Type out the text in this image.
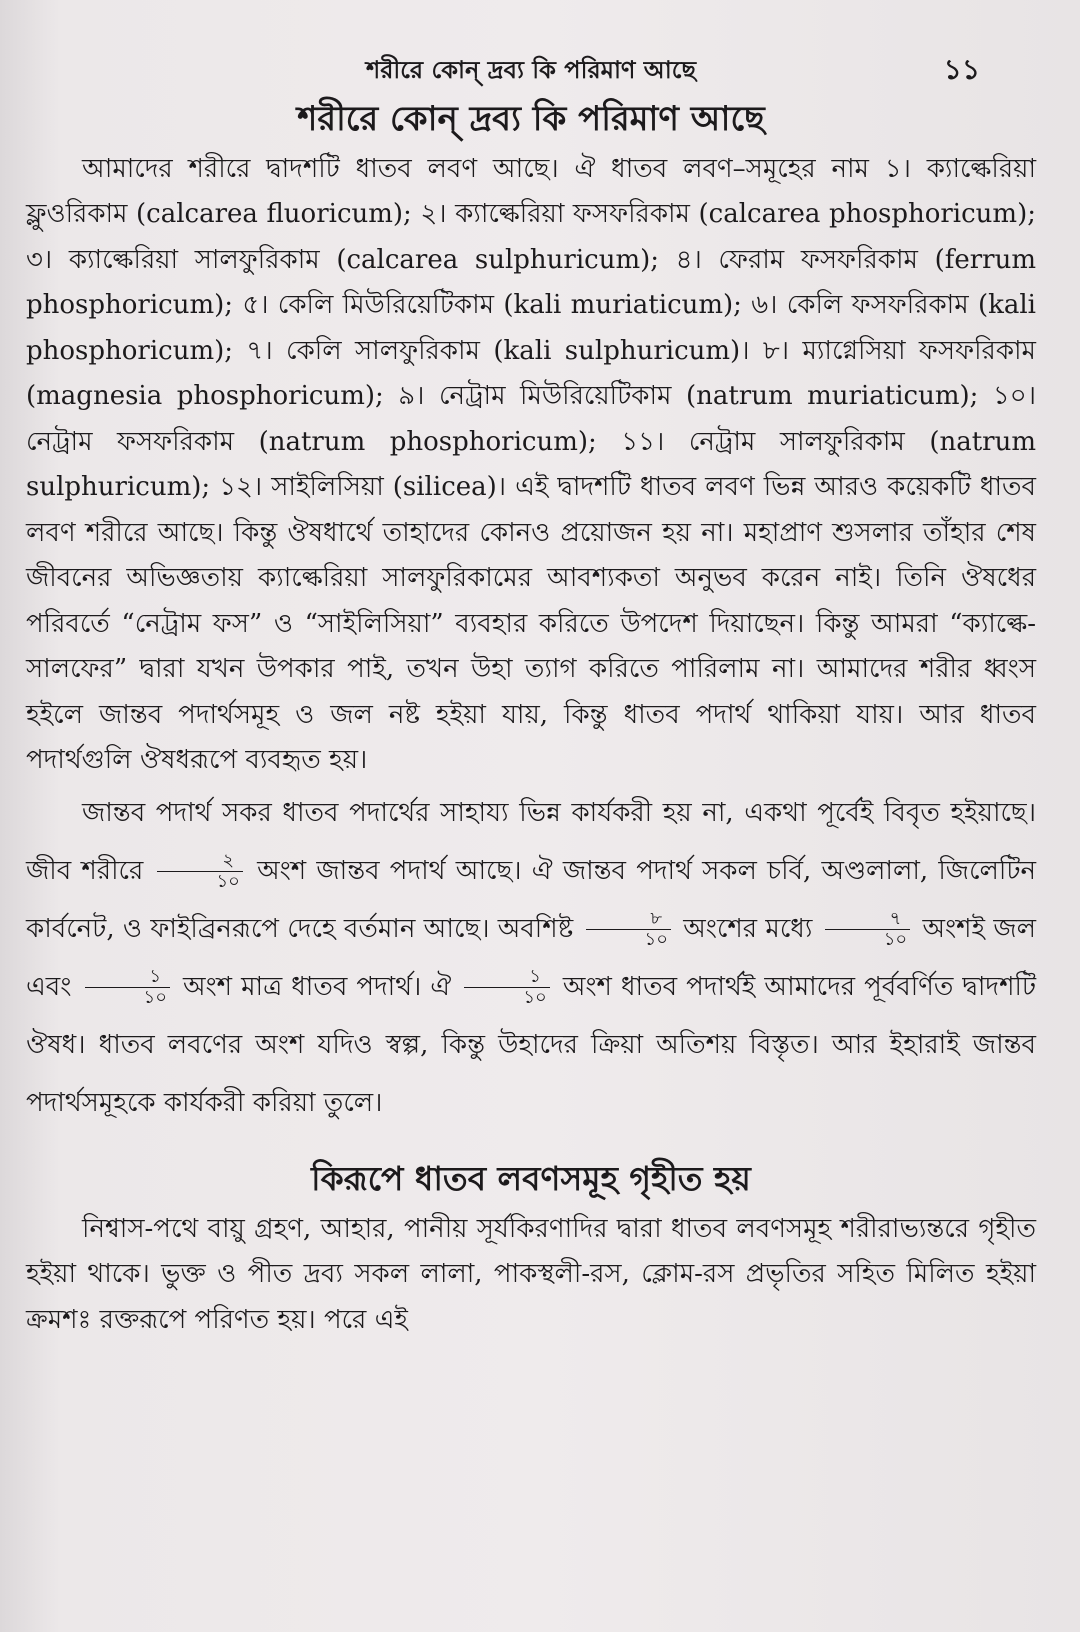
শরীরে কোন্ দ্রব্য কি পরিমাণ আছে	১১
শরীরে কোন্ দ্রব্য কি পরিমাণ আছে

আমাদের শরীরে দ্বাদশটি ধাতব লবণ আছে। ঐ ধাতব লবণ–সমূহের নাম ১। ক্যাল্কেরিয়া ফ্লুওরিকাম (calcarea fluoricum); ২। ক্যাল্কেরিয়া ফসফরিকাম (calcarea phosphoricum); ৩। ক্যাল্কেরিয়া সালফুরিকাম (calcarea sulphuricum); ৪। ফেরাম ফসফরিকাম (ferrum phosphoricum); ৫। কেলি মিউরিয়েটিকাম (kali muriaticum); ৬। কেলি ফসফরিকাম (kali phosphoricum); ৭। কেলি সালফুরিকাম (kali sulphuricum)। ৮। ম্যাগ্নেসিয়া ফসফরিকাম (magnesia phosphoricum); ৯। নেট্রাম মিউরিয়েটিকাম (natrum muriaticum); ১০। নেট্রাম ফসফরিকাম (natrum phosphoricum); ১১। নেট্রাম সালফুরিকাম (natrum sulphuricum); ১২। সাইলিসিয়া (silicea)। এই দ্বাদশটি ধাতব লবণ ভিন্ন আরও কয়েকটি ধাতব লবণ শরীরে আছে। কিন্তু ঔষধার্থে তাহাদের কোনও প্রয়োজন হয় না। মহাপ্রাণ শুসলার তাঁহার শেষ জীবনের অভিজ্ঞতায় ক্যাল্কেরিয়া সালফুরিকামের আবশ্যকতা অনুভব করেন নাই। তিনি ঔষধের পরিবর্তে “নেট্রাম ফস” ও “সাইলিসিয়া” ব্যবহার করিতে উপদেশ দিয়াছেন। কিন্তু আমরা “ক্যাল্কে-সালফের” দ্বারা যখন উপকার পাই, তখন উহা ত্যাগ করিতে পারিলাম না। আমাদের শরীর ধ্বংস হইলে জান্তব পদার্থসমূহ ও জল নষ্ট হইয়া যায়, কিন্তু ধাতব পদার্থ থাকিয়া যায়। আর ধাতব পদার্থগুলি ঔষধরূপে ব্যবহৃত হয়।

জান্তব পদার্থ সকর ধাতব পদার্থের সাহায্য ভিন্ন কার্যকরী হয় না, একথা পূর্বেই বিবৃত হইয়াছে। জীব শরীরে $\frac{২}{১০}$ অংশ জান্তব পদার্থ আছে। ঐ জান্তব পদার্থ সকল চর্বি, অণ্ডলালা, জিলেটিন কার্বনেট, ও ফাইব্রিনরূপে দেহে বর্তমান আছে। অবশিষ্ট $\frac{৮}{১০}$ অংশের মধ্যে $\frac{৭}{১০}$ অংশই জল এবং $\frac{১}{১০}$ অংশ মাত্র ধাতব পদার্থ। ঐ $\frac{১}{১০}$ অংশ ধাতব পদার্থই আমাদের পূর্ববর্ণিত দ্বাদশটি ঔষধ। ধাতব লবণের অংশ যদিও স্বল্প, কিন্তু উহাদের ক্রিয়া অতিশয় বিস্তৃত। আর ইহারাই জান্তব পদার্থসমূহকে কার্যকরী করিয়া তুলে।

কিরূপে ধাতব লবণসমূহ গৃহীত হয়

নিশ্বাস-পথে বায়ু গ্রহণ, আহার, পানীয় সূর্যকিরণাদির দ্বারা ধাতব লবণসমূহ শরীরাভ্যন্তরে গৃহীত হইয়া থাকে। ভুক্ত ও পীত দ্রব্য সকল লালা, পাকস্থলী-রস, ক্লোম-রস প্রভৃতির সহিত মিলিত হইয়া ক্রমশঃ রক্তরূপে পরিণত হয়। পরে এই
